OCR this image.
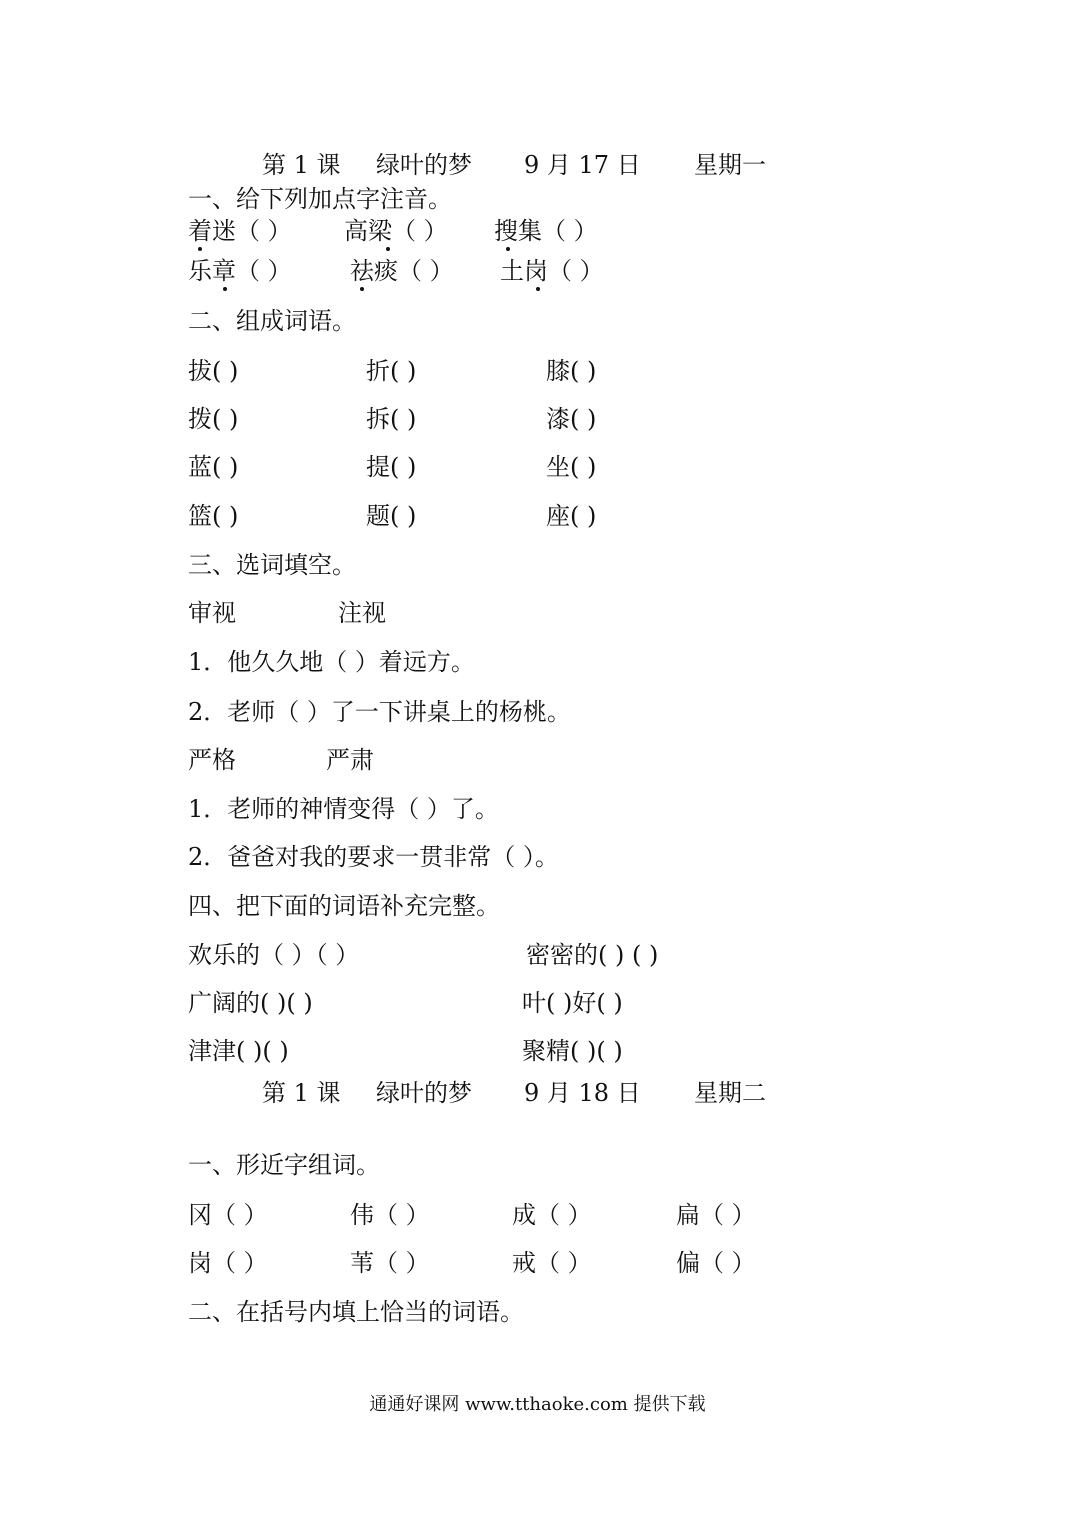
第 1 课 绿叶的梦 9 月 17 日 星期一
一、给下列加点字注音。
着迷（ ） 高梁（ ） 搜集（ ）
乐章（ ） 祛痰（ ） 土岗（ ）
二、组成词语。
拔( )	折( )	膝( )
拨( )	拆( )	漆( )
蓝( )	提( )	坐( )
篮( )	题( )	座( )
三、选词填空。
审视	注视
1．他久久地（ ）着远方。
2．老师（ ）了一下讲桌上的杨桃。
严格	严肃
1．老师的神情变得（ ）了。
2．爸爸对我的要求一贯非常（ ）。
四、把下面的词语补充完整。
欢乐的（ ）（ ）	密密的( ) ( )
广阔的( )( )	叶( )好( )
津津( )( )	聚精( )( )
第 1 课 绿叶的梦 9 月 18 日 星期二
一、形近字组词。
冈（ ）	伟（ ）	成（ ）	扁（ ）
岗（ ）	苇（ ）	戒（ ）	偏（ ）
二、在括号内填上恰当的词语。
通通好课网 www.tthaoke.com 提供下载
